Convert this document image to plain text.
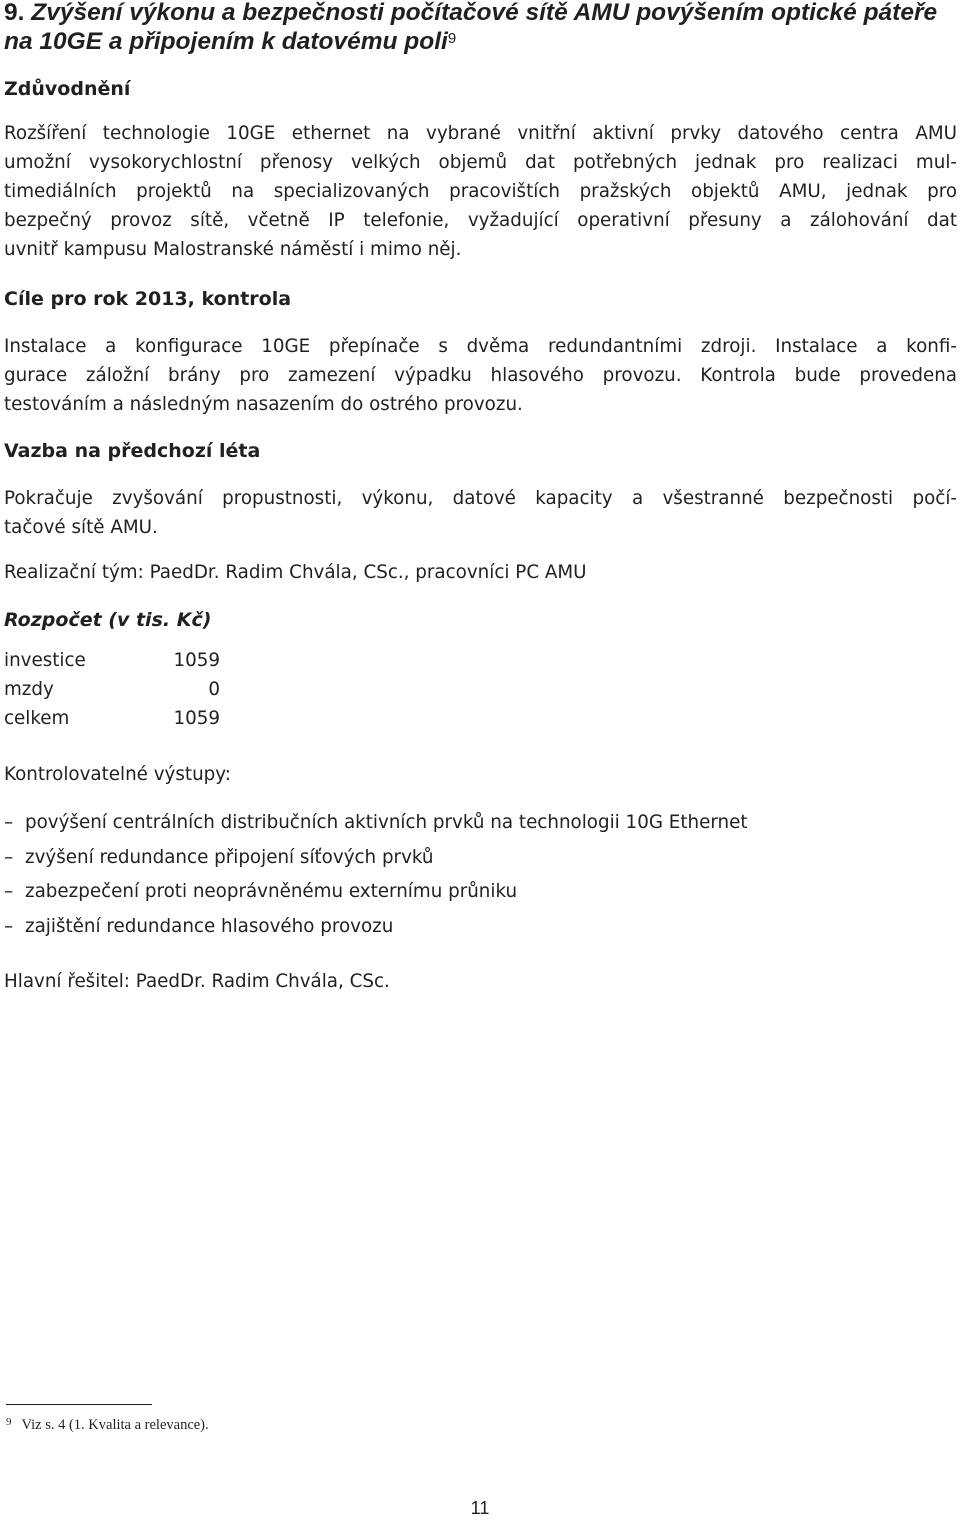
9. Zvýšení výkonu a bezpečnosti počítačové sítě AMU povýšením optické páteře na 10GE a připojením k datovému poli$^9$
Zdůvodnění

Rozšíření technologie 10GE ethernet na vybrané vnitřní aktivní prvky datového centra AMU
umožní vysokorychlostní přenosy velkých objemů dat potřebných jednak pro realizaci mul-
timediálních projektů na specializovaných pracovištích pražských objektů AMU, jednak pro
bezpečný provoz sítě, včetně IP telefonie, vyžadující operativní přesuny a zálohování dat
uvnitř kampusu Malostranské náměstí i mimo něj.

Cíle pro rok 2013, kontrola

Instalace a konfigurace 10GE přepínače s dvěma redundantními zdroji. Instalace a konfi-
gurace záložní brány pro zamezení výpadku hlasového provozu. Kontrola bude provedena
testováním a následným nasazením do ostrého provozu.

Vazba na předchozí léta

Pokračuje zvyšování propustnosti, výkonu, datové kapacity a všestranné bezpečnosti počí-
tačové sítě AMU.

Realizační tým: PaedDr. Radim Chvála, CSc., pracovníci PC AMU

Rozpočet (v tis. Kč)
investice	1059
mzdy	0
celkem	1059

Kontrolovatelné výstupy:

– povýšení centrálních distribučních aktivních prvků na technologii 10G Ethernet
– zvýšení redundance připojení síťových prvků
– zabezpečení proti neoprávněnému externímu průniku
– zajištění redundance hlasového provozu

Hlavní řešitel: PaedDr. Radim Chvála, CSc.

$^9$ Viz s. 4 (1. Kvalita a relevance).
11
